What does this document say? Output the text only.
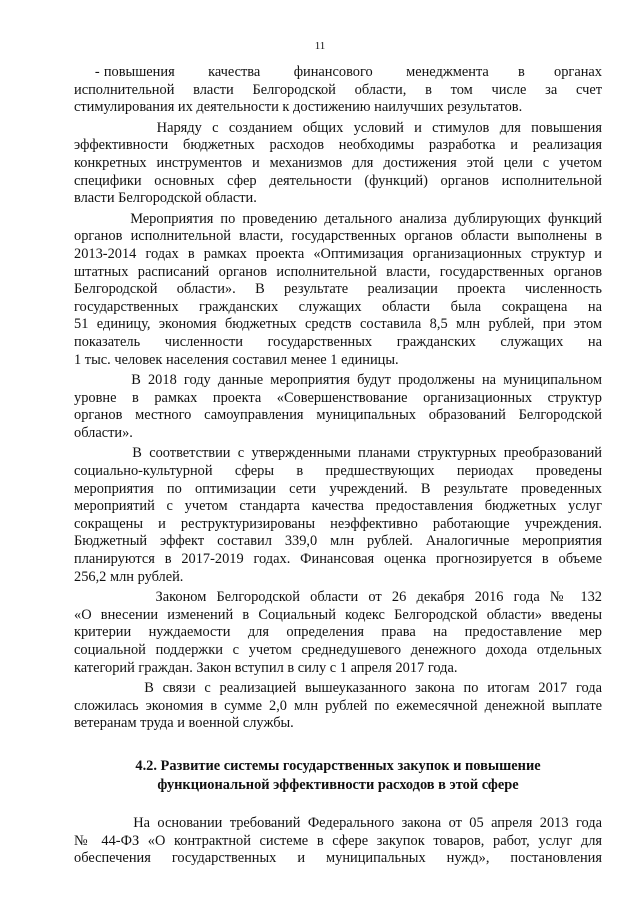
11

- повышения        качества        финансового        менеджмента       в       органах
исполнительной власти Белгородской области, в том числе за счет
стимулирования их деятельности к достижению наилучших результатов.

Наряду с созданием общих условий и стимулов для повышения
эффективности бюджетных расходов необходимы разработка и реализация
конкретных инструментов и механизмов для достижения этой цели с учетом
специфики основных сфер деятельности (функций) органов исполнительной
власти Белгородской области.

Мероприятия по проведению детального анализа дублирующих функций
органов исполнительной власти, государственных органов области выполнены в
2013-2014 годах в рамках проекта «Оптимизация организационных структур и
штатных расписаний органов исполнительной власти, государственных органов
Белгородской области». В результате реализации проекта численность
государственных гражданских служащих области была сокращена на
51 единицу, экономия бюджетных средств составила 8,5 млн рублей, при этом
показатель численности государственных гражданских служащих на
1 тыс. человек населения составил менее 1 единицы.

В 2018 году данные мероприятия будут продолжены на муниципальном
уровне в рамках проекта «Совершенствование организационных структур
органов местного самоуправления муниципальных образований Белгородской
области».

В соответствии с утвержденными планами структурных преобразований
социально-культурной сферы в предшествующих периодах проведены
мероприятия по оптимизации сети учреждений. В результате проведенных
мероприятий с учетом стандарта качества предоставления бюджетных услуг
сокращены и реструктуризированы неэффективно работающие учреждения.
Бюджетный эффект составил 339,0 млн рублей. Аналогичные мероприятия
планируются в 2017-2019 годах. Финансовая оценка прогнозируется в объеме
256,2 млн рублей.

Законом Белгородской области от 26 декабря 2016 года № 132
«О внесении изменений в Социальный кодекс Белгородской области» введены
критерии нуждаемости для определения права на предоставление мер
социальной поддержки с учетом среднедушевого денежного дохода отдельных
категорий граждан. Закон вступил в силу с 1 апреля 2017 года.

В связи с реализацией вышеуказанного закона по итогам 2017 года
сложилась экономия в сумме 2,0 млн рублей по ежемесячной денежной выплате
ветеранам труда и военной службы.

4.2. Развитие системы государственных закупок и повышение
функциональной эффективности расходов в этой сфере

На основании требований Федерального закона от 05 апреля 2013 года
№ 44-ФЗ «О контрактной системе в сфере закупок товаров, работ, услуг для
обеспечения государственных и муниципальных нужд», постановления
